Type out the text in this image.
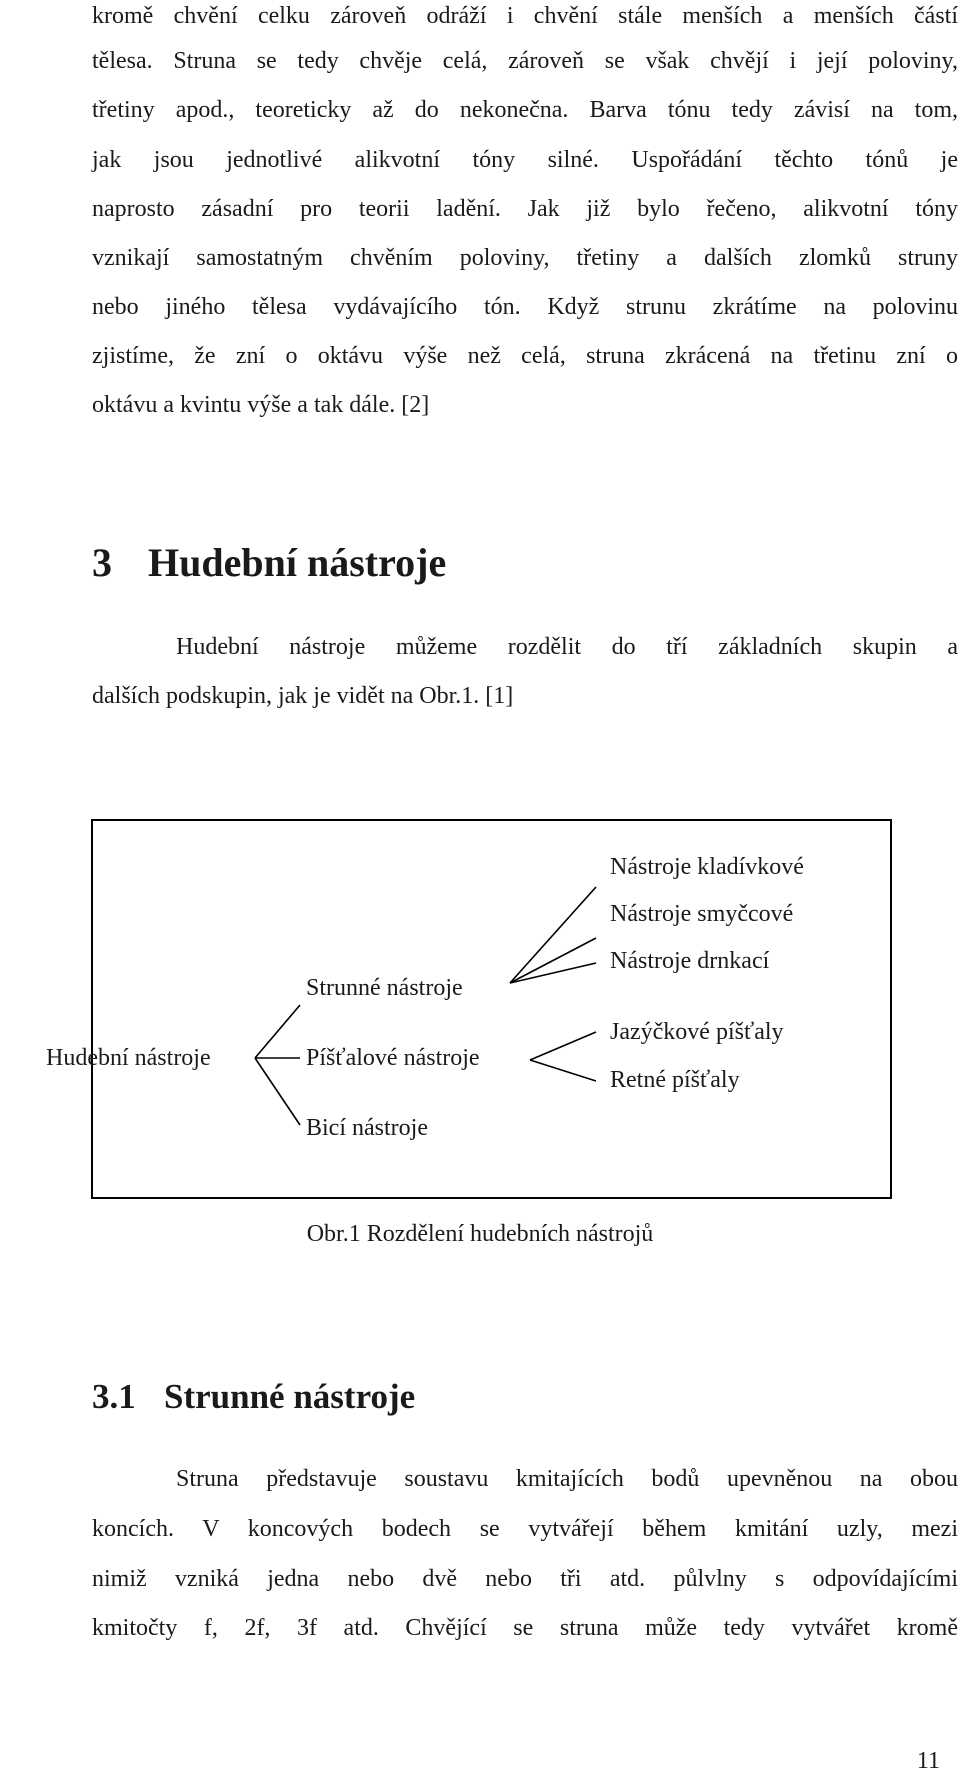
kromě chvění celku zároveň odráží i chvění stále menších a menších částí
tělesa. Struna se tedy chvěje celá, zároveň se však chvějí i její poloviny,
třetiny apod., teoreticky až do nekonečna. Barva tónu tedy závisí na tom,
jak jsou jednotlivé alikvotní tóny silné. Uspořádání těchto tónů je
naprosto zásadní pro teorii ladění. Jak již bylo řečeno, alikvotní tóny
vznikají samostatným chvěním poloviny, třetiny a dalších zlomků struny
nebo jiného tělesa vydávajícího tón. Když strunu zkrátíme na polovinu
zjistíme, že zní o oktávu výše než celá, struna zkrácená na třetinu zní o
oktávu a kvintu výše a tak dále. [2]
3 Hudební nástroje
Hudební nástroje můžeme rozdělit do tří základních skupin a
dalších podskupin, jak je vidět na Obr.1. [1]
Hudební nástroje
Strunné nástroje
Píšťalové nástroje
Bicí nástroje
Nástroje kladívkové
Nástroje smyčcové
Nástroje drnkací
Jazýčkové píšťaly
Retné píšťaly
Obr.1 Rozdělení hudebních nástrojů
3.1 Strunné nástroje
Struna představuje soustavu kmitajících bodů upevněnou na obou
koncích. V koncových bodech se vytvářejí během kmitání uzly, mezi
nimiž vzniká jedna nebo dvě nebo tři atd. půlvlny s odpovídajícími
kmitočty f, 2f, 3f atd. Chvějící se struna může tedy vytvářet kromě
11
